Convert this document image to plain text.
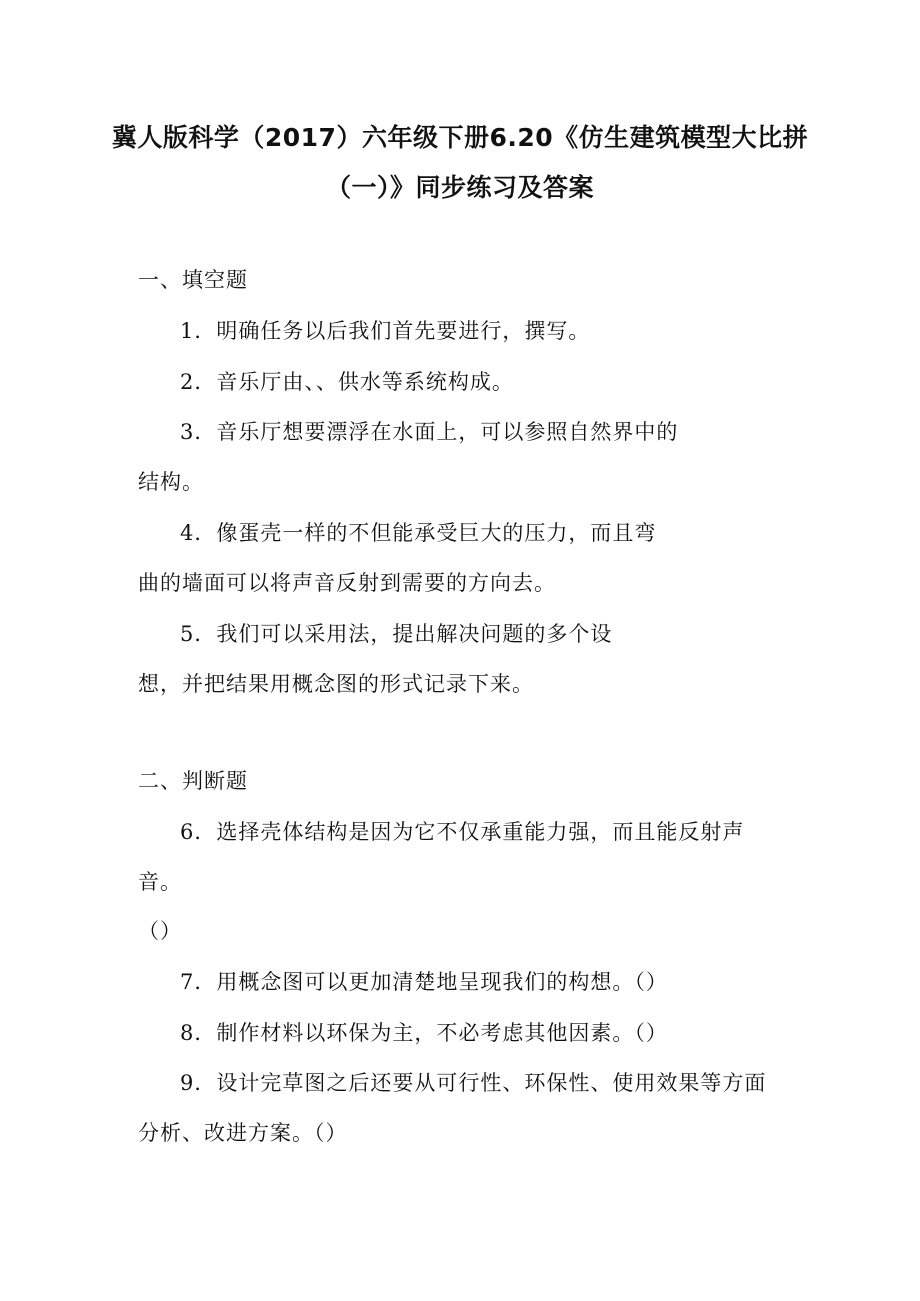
冀人版科学（2017）六年级下册6.20《仿生建筑模型大比拼
（一）》同步练习及答案
一、填空题
1．明确任务以后我们首先要进行，撰写。
2．音乐厅由、、供水等系统构成。
3．音乐厅想要漂浮在水面上，可以参照自然界中的
结构。
4．像蛋壳一样的不但能承受巨大的压力，而且弯
曲的墙面可以将声音反射到需要的方向去。
5．我们可以采用法，提出解决问题的多个设
想，并把结果用概念图的形式记录下来。
二、判断题
6．选择壳体结构是因为它不仅承重能力强，而且能反射声
音。
（）
7．用概念图可以更加清楚地呈现我们的构想。（）
8．制作材料以环保为主，不必考虑其他因素。（）
9．设计完草图之后还要从可行性、环保性、使用效果等方面
分析、改进方案。（）
